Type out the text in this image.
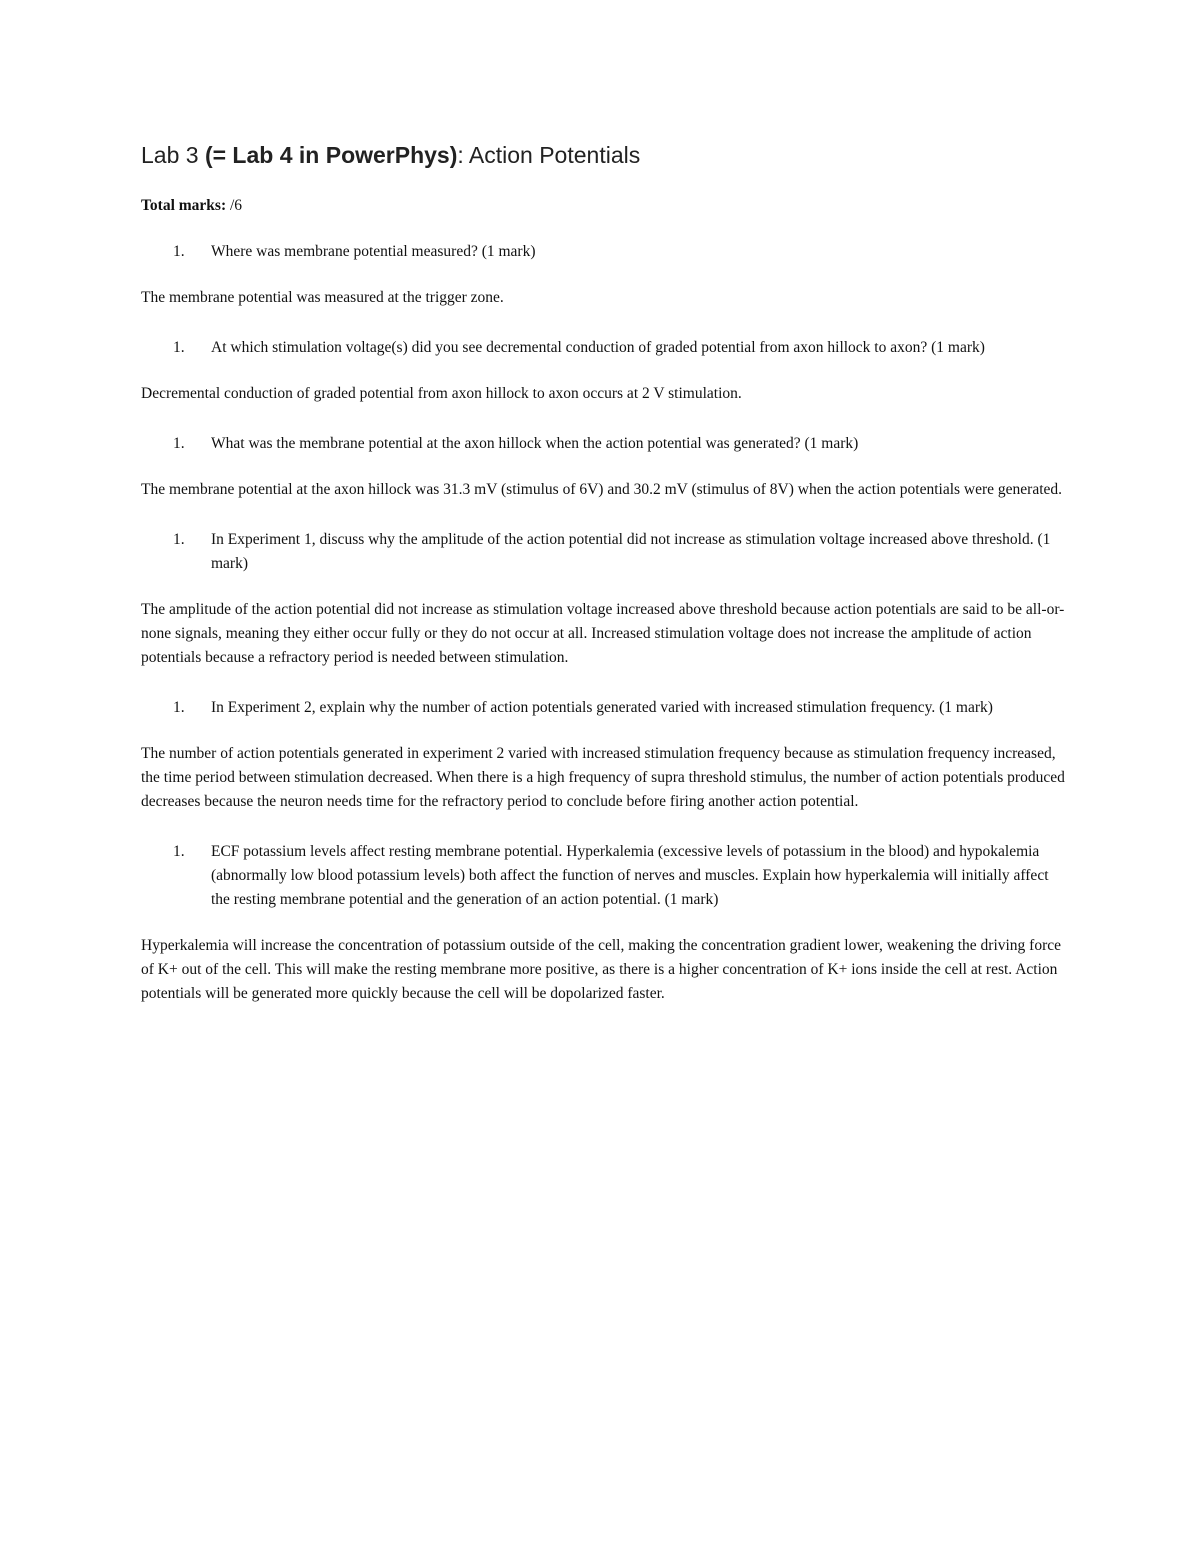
Lab 3 (= Lab 4 in PowerPhys): Action Potentials
Total marks: /6
1. Where was membrane potential measured? (1 mark)
The membrane potential was measured at the trigger zone.
1. At which stimulation voltage(s) did you see decremental conduction of graded potential from axon hillock to axon? (1 mark)
Decremental conduction of graded potential from axon hillock to axon occurs at 2 V stimulation.
1. What was the membrane potential at the axon hillock when the action potential was generated? (1 mark)
The membrane potential at the axon hillock was 31.3 mV (stimulus of 6V) and 30.2 mV (stimulus of 8V) when the action potentials were generated.
1. In Experiment 1, discuss why the amplitude of the action potential did not increase as stimulation voltage increased above threshold. (1 mark)
The amplitude of the action potential did not increase as stimulation voltage increased above threshold because action potentials are said to be all-or-none signals, meaning they either occur fully or they do not occur at all. Increased stimulation voltage does not increase the amplitude of action potentials because a refractory period is needed between stimulation.
1. In Experiment 2, explain why the number of action potentials generated varied with increased stimulation frequency. (1 mark)
The number of action potentials generated in experiment 2 varied with increased stimulation frequency because as stimulation frequency increased, the time period between stimulation decreased. When there is a high frequency of supra threshold stimulus, the number of action potentials produced decreases because the neuron needs time for the refractory period to conclude before firing another action potential.
1. ECF potassium levels affect resting membrane potential. Hyperkalemia (excessive levels of potassium in the blood) and hypokalemia (abnormally low blood potassium levels) both affect the function of nerves and muscles. Explain how hyperkalemia will initially affect the resting membrane potential and the generation of an action potential. (1 mark)
Hyperkalemia will increase the concentration of potassium outside of the cell, making the concentration gradient lower, weakening the driving force of K+ out of the cell. This will make the resting membrane more positive, as there is a higher concentration of K+ ions inside the cell at rest. Action potentials will be generated more quickly because the cell will be dopolarized faster.
